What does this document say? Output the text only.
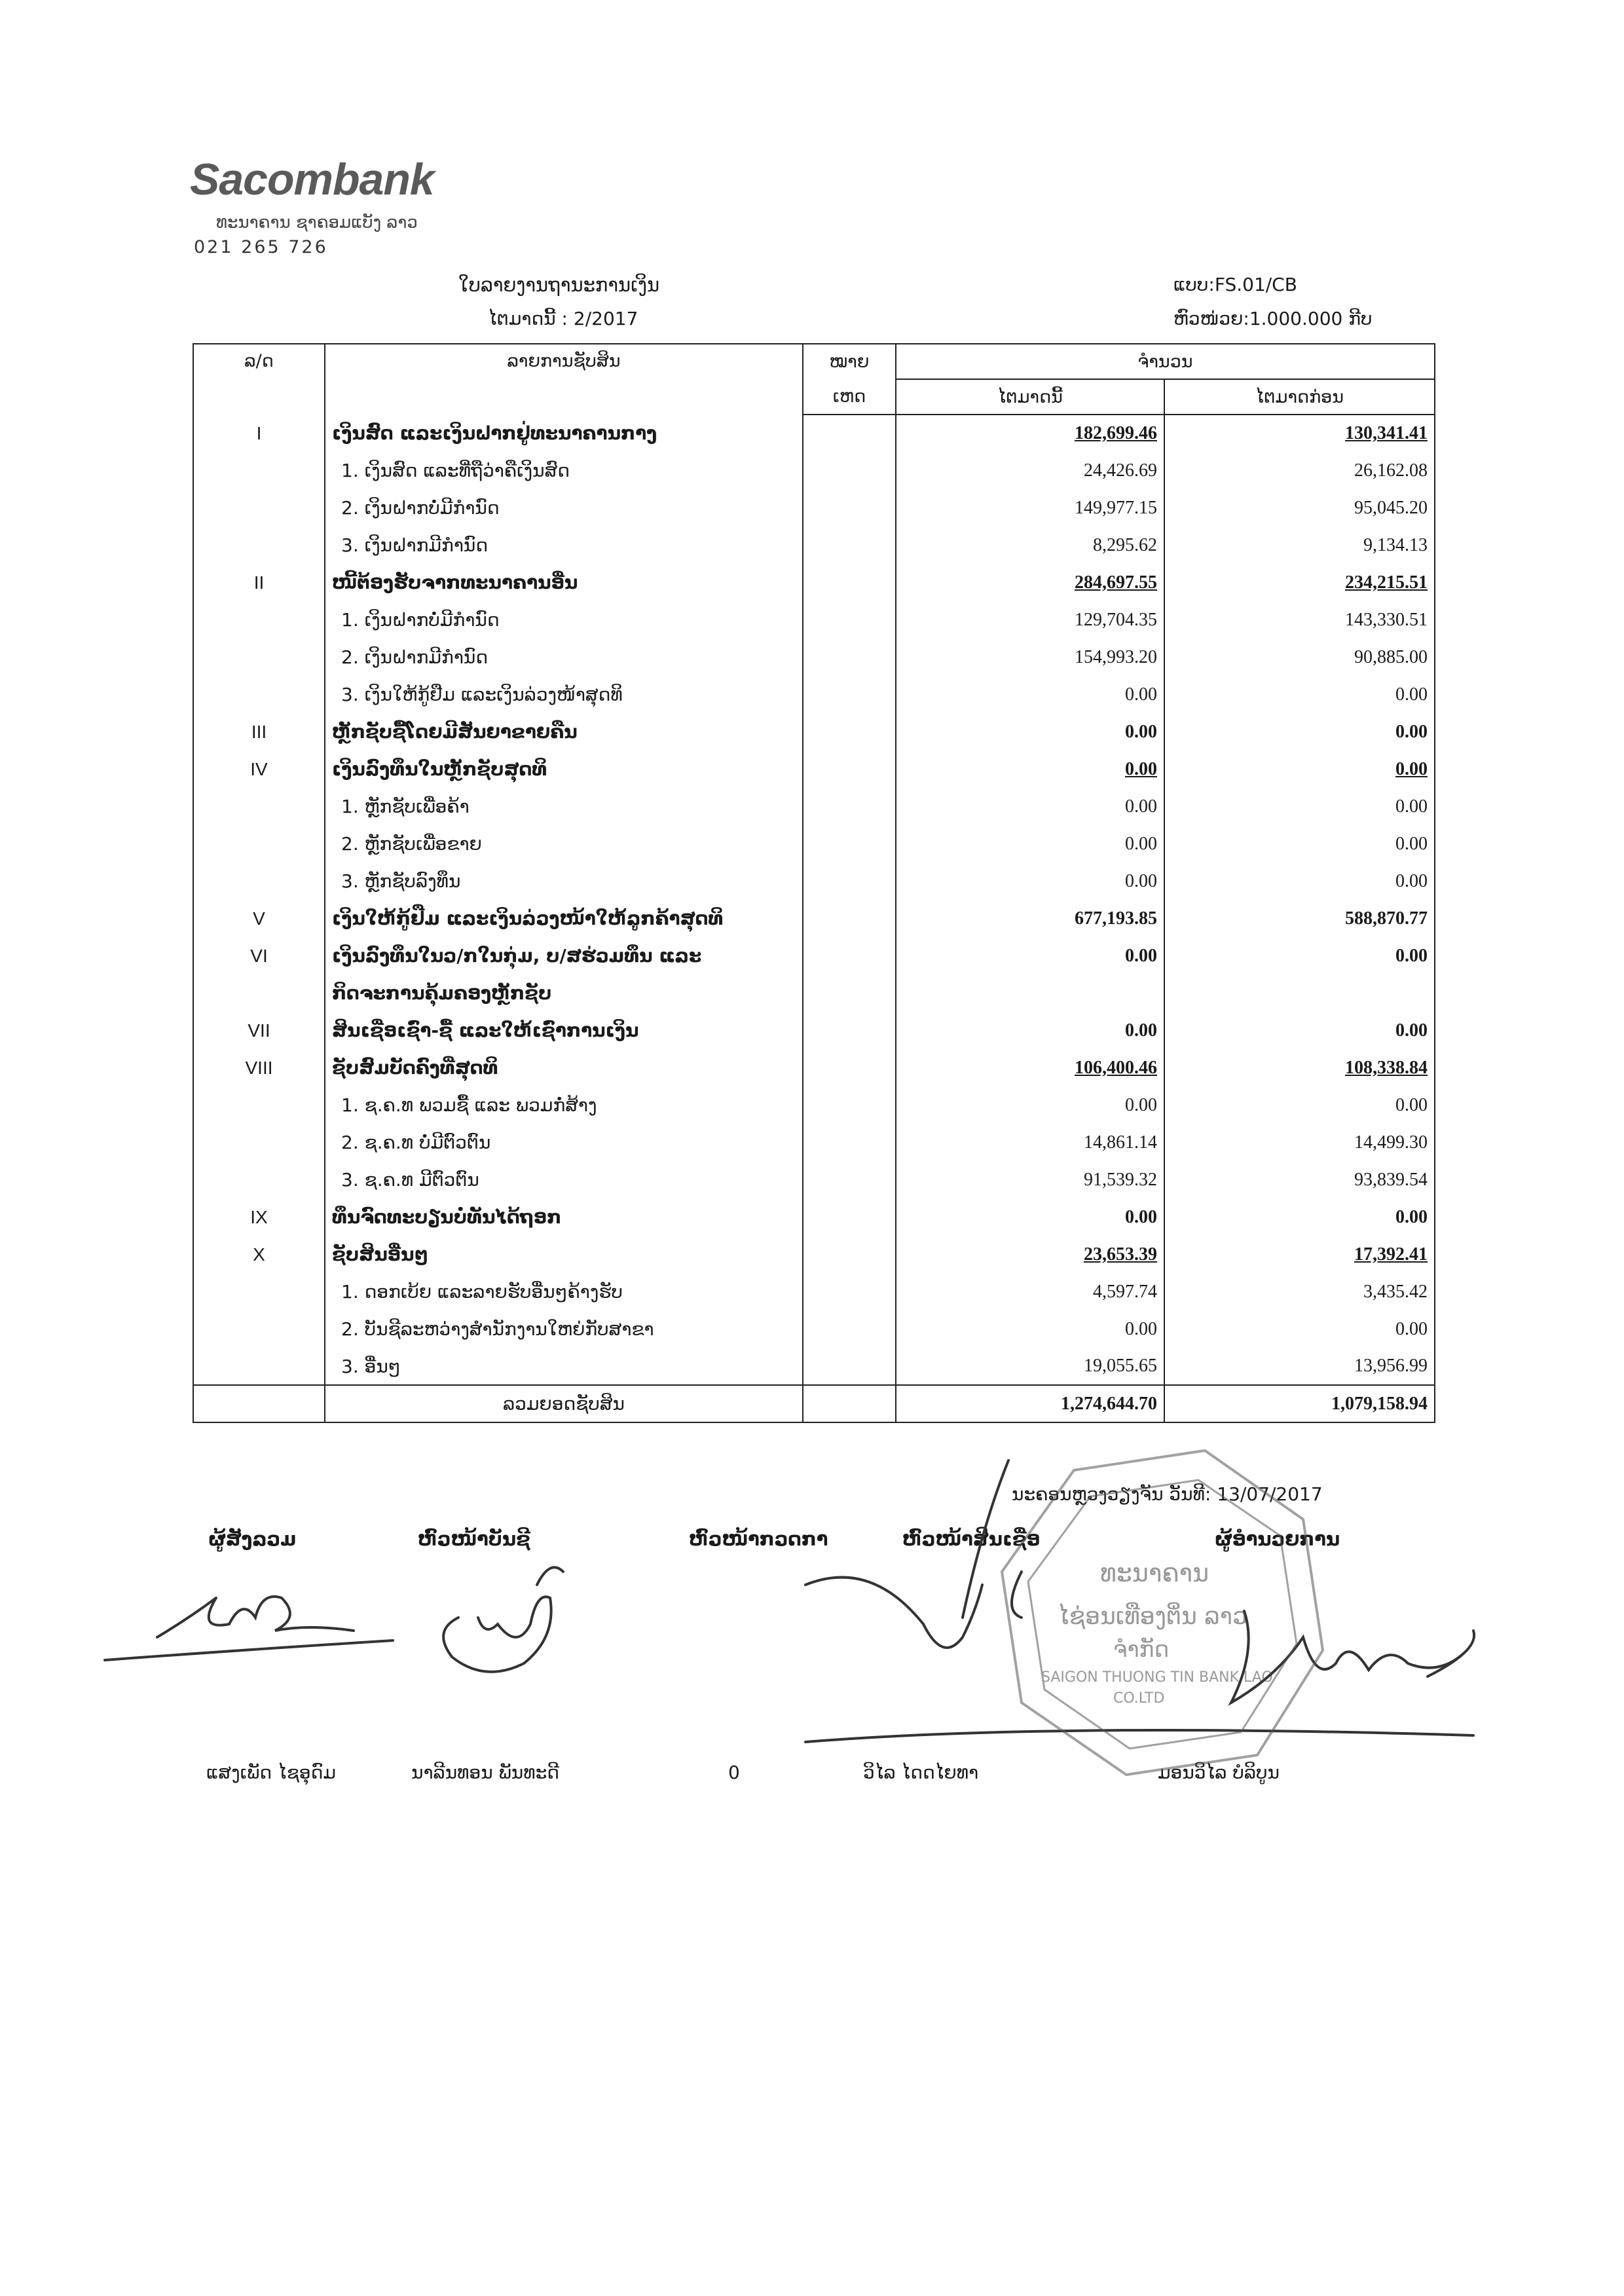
Sacombank
ທະນາຄານ ຊາຄອມແບັງ ລາວ
021 265 726
ໃບລາຍງານຖານະການເງິນ
ໄຕມາດນີ້ : 2/2017
ແບບ:FS.01/CB
ຫົວໜ່ວຍ:1.000.000 ກີບ
ລ/ດ	ລາຍການຊັບສິນ	ໝາຍ	ຈຳນວນ	
		ເຫດ	ໄຕມາດນີ້	ໄຕມາດກ່ອນ
I	ເງິນສົດ ແລະເງິນຝາກຢູ່ທະນາຄານກາງ		182,699.46	130,341.41
	1. ເງິນສົດ ແລະທີ່ຖືວ່າຄືເງິນສົດ		24,426.69	26,162.08
	2. ເງິນຝາກບໍ່ມີກຳນົດ		149,977.15	95,045.20
	3. ເງິນຝາກມີກຳນົດ		8,295.62	9,134.13
II	ໜີ້ຕ້ອງຮັບຈາກທະນາຄານອື່ນ		284,697.55	234,215.51
	1. ເງິນຝາກບໍ່ມີກຳນົດ		129,704.35	143,330.51
	2. ເງິນຝາກມີກຳນົດ		154,993.20	90,885.00
	3. ເງິນໃຫ້ກູ້ຢືມ ແລະເງິນລ່ວງໜ້າສຸດທິ		0.00	0.00
III	ຫຼັກຊັບຊື້ໂດຍມີສັນຍາຂາຍຄືນ		0.00	0.00
IV	ເງິນລົງທຶນໃນຫຼັກຊັບສຸດທິ		0.00	0.00
	1. ຫຼັກຊັບເພື່ອຄ້າ		0.00	0.00
	2. ຫຼັກຊັບເພື່ອຂາຍ		0.00	0.00
	3. ຫຼັກຊັບລົງທຶນ		0.00	0.00
V	ເງິນໃຫ້ກູ້ຢືມ ແລະເງິນລ່ວງໜ້າໃຫ້ລູກຄ້າສຸດທິ		677,193.85	588,870.77
VI	ເງິນລົງທຶນໃນວ/ກໃນກຸ່ມ, ບ/ສຮ່ວມທຶນ ແລະ		0.00	0.00
	ກິດຈະການຄຸ້ມຄອງຫຼັກຊັບ			
VII	ສິນເຊື່ອເຊົ່າ-ຊື້ ແລະໃຫ້ເຊົ່າການເງິນ		0.00	0.00
VIII	ຊັບສົມບັດຄົງທີ່ສຸດທິ		106,400.46	108,338.84
	1. ຊ.ຄ.ທ ພວມຊື້ ແລະ ພວມກໍ່ສ້າງ		0.00	0.00
	2. ຊ.ຄ.ທ ບໍ່ມີຕົວຕົນ		14,861.14	14,499.30
	3. ຊ.ຄ.ທ ມີຕົວຕົນ		91,539.32	93,839.54
IX	ທຶນຈົດທະບຽນບໍ່ທັນໄດ້ຖອກ		0.00	0.00
X	ຊັບສິນອື່ນໆ		23,653.39	17,392.41
	1. ດອກເບ້ຍ ແລະລາຍຮັບອື່ນໆຄ້າງຮັບ		4,597.74	3,435.42
	2. ບັນຊີລະຫວ່າງສຳນັກງານໃຫຍ່ກັບສາຂາ		0.00	0.00
	3. ອື່ນໆ		19,055.65	13,956.99
	ລວມຍອດຊັບສິນ		1,274,644.70	1,079,158.94
ນະຄອນຫຼວງວຽງຈັນ ວັນທີ: 13/07/2017
ຜູ້ສັງລວມ	ຫົວໜ້າບັນຊີ	ຫົວໜ້າກວດກາ	ຫົວໜ້າສິນເຊື່ອ	ຜູ້ອຳນວຍການ
ແສງເພັດ ໄຊອຸດົມ	ນາລີນທອນ ພັນທະດີ	0	ວິໄລ ໄດດໄຍທາ	ມອນວິໄລ ບໍລິບູນ
ທະນາຄານ
ໄຊ່ອນເທືອງຕິ່ນ ລາວ
ຈຳກັດ
SAIGON THUONG TIN BANK LAO
CO.LTD
